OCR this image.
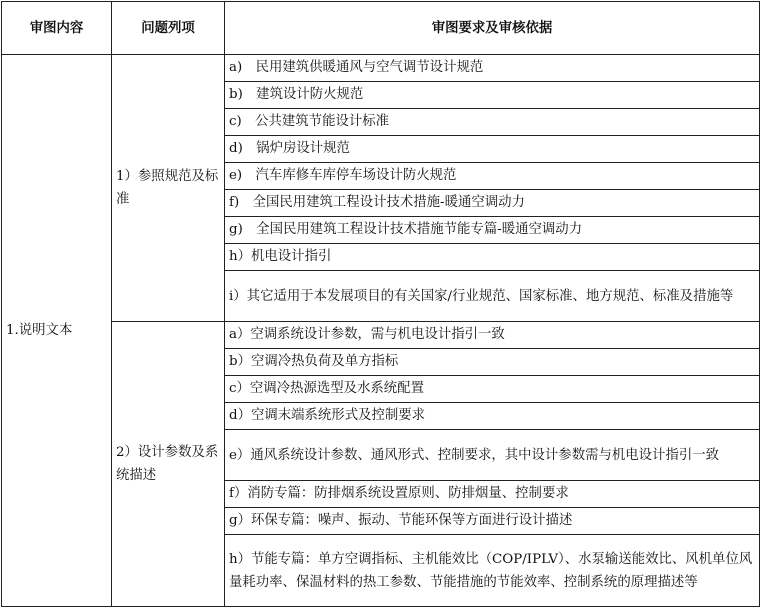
审图内容	问题列项	审图要求及审核依据
1.说明文本	1）参照规范及标准	a)　民用建筑供暖通风与空气调节设计规范
		b)　建筑设计防火规范
		c)　公共建筑节能设计标准
		d)　锅炉房设计规范
		e)　汽车库修车库停车场设计防火规范
		f)　全国民用建筑工程设计技术措施-暖通空调动力
		g)　全国民用建筑工程设计技术措施节能专篇-暖通空调动力
		h）机电设计指引
		i）其它适用于本发展项目的有关国家/行业规范、国家标准、地方规范、标准及措施等

	2）设计参数及系统描述	a）空调系统设计参数，需与机电设计指引一致
		b）空调冷热负荷及单方指标
		c）空调冷热源选型及水系统配置
		d）空调末端系统形式及控制要求
		e）通风系统设计参数、通风形式、控制要求，其中设计参数需与机电设计指引一致
		f）消防专篇：防排烟系统设置原则、防排烟量、控制要求
		g）环保专篇：噪声、振动、节能环保等方面进行设计描述
		h）节能专篇：单方空调指标、主机能效比（COP/IPLV）、水泵输送能效比、风机单位风量耗功率、保温材料的热工参数、节能措施的节能效率、控制系统的原理描述等
